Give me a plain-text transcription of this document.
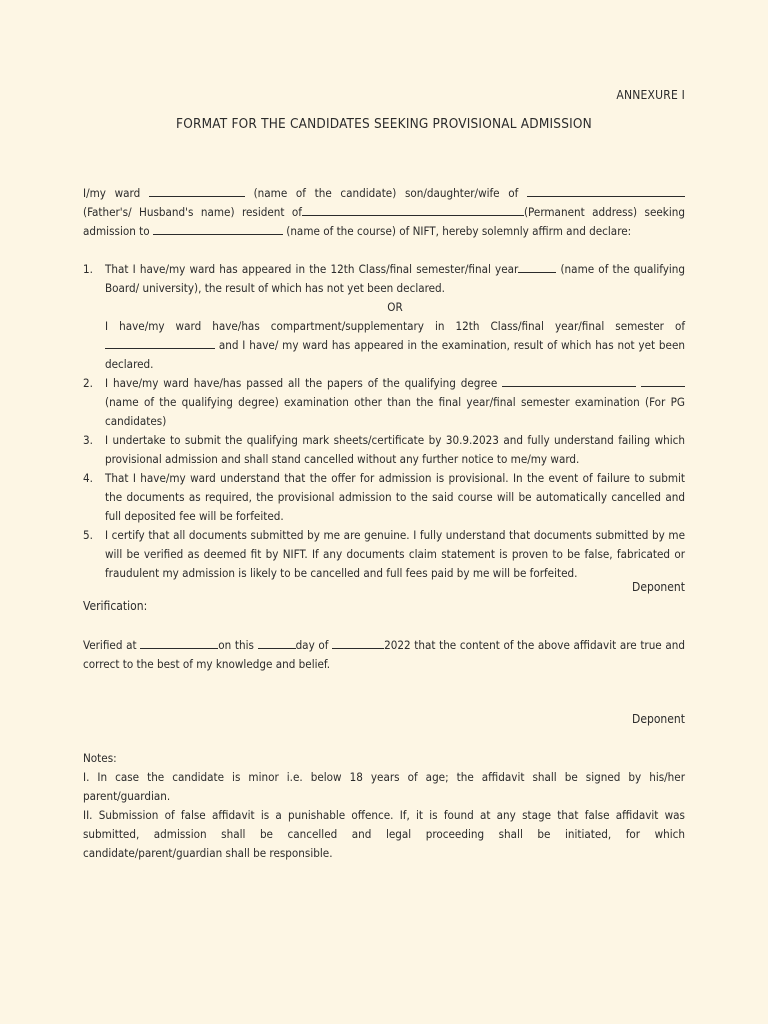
ANNEXURE I
FORMAT FOR THE CANDIDATES SEEKING PROVISIONAL ADMISSION
I/my ward	(name of the candidate) son/daughter/wife of (Father's/ Husband's name) resident of	(Permanent address) seeking admission to	(name of the course) of NIFT, hereby solemnly affirm and declare:
1. That I have/my ward has appeared in the 12th Class/final semester/final year	(name of the qualifying Board/ university), the result of which has not yet been declared.
OR
I have/my ward have/has compartment/supplementary in 12th Class/final year/final semester of  and I have/ my ward has appeared in the examination, result of which has not yet been declared.
2. I have/my ward have/has passed all the papers of the qualifying degree  (name of the qualifying degree) examination other than the final year/final semester examination (For PG candidates)
3. I undertake to submit the qualifying mark sheets/certificate by 30.9.2023 and fully understand failing which provisional admission and shall stand cancelled without any further notice to me/my ward.
4. That I have/my ward understand that the offer for admission is provisional. In the event of failure to submit the documents as required, the provisional admission to the said course will be automatically cancelled and full deposited fee will be forfeited.
5. I certify that all documents submitted by me are genuine. I fully understand that documents submitted by me will be verified as deemed fit by NIFT. If any documents claim statement is proven to be false, fabricated or fraudulent my admission is likely to be cancelled and full fees paid by me will be forfeited.
Deponent
Verification:
Verified at	on this	day of	2022 that the content of the above affidavit are true and correct to the best of my knowledge and belief.
Deponent
Notes:
I. In case the candidate is minor i.e. below 18 years of age; the affidavit shall be signed by his/her parent/guardian.
II. Submission of false affidavit is a punishable offence. If, it is found at any stage that false affidavit was submitted, admission shall be cancelled and legal proceeding shall be initiated, for which candidate/parent/guardian shall be responsible.
